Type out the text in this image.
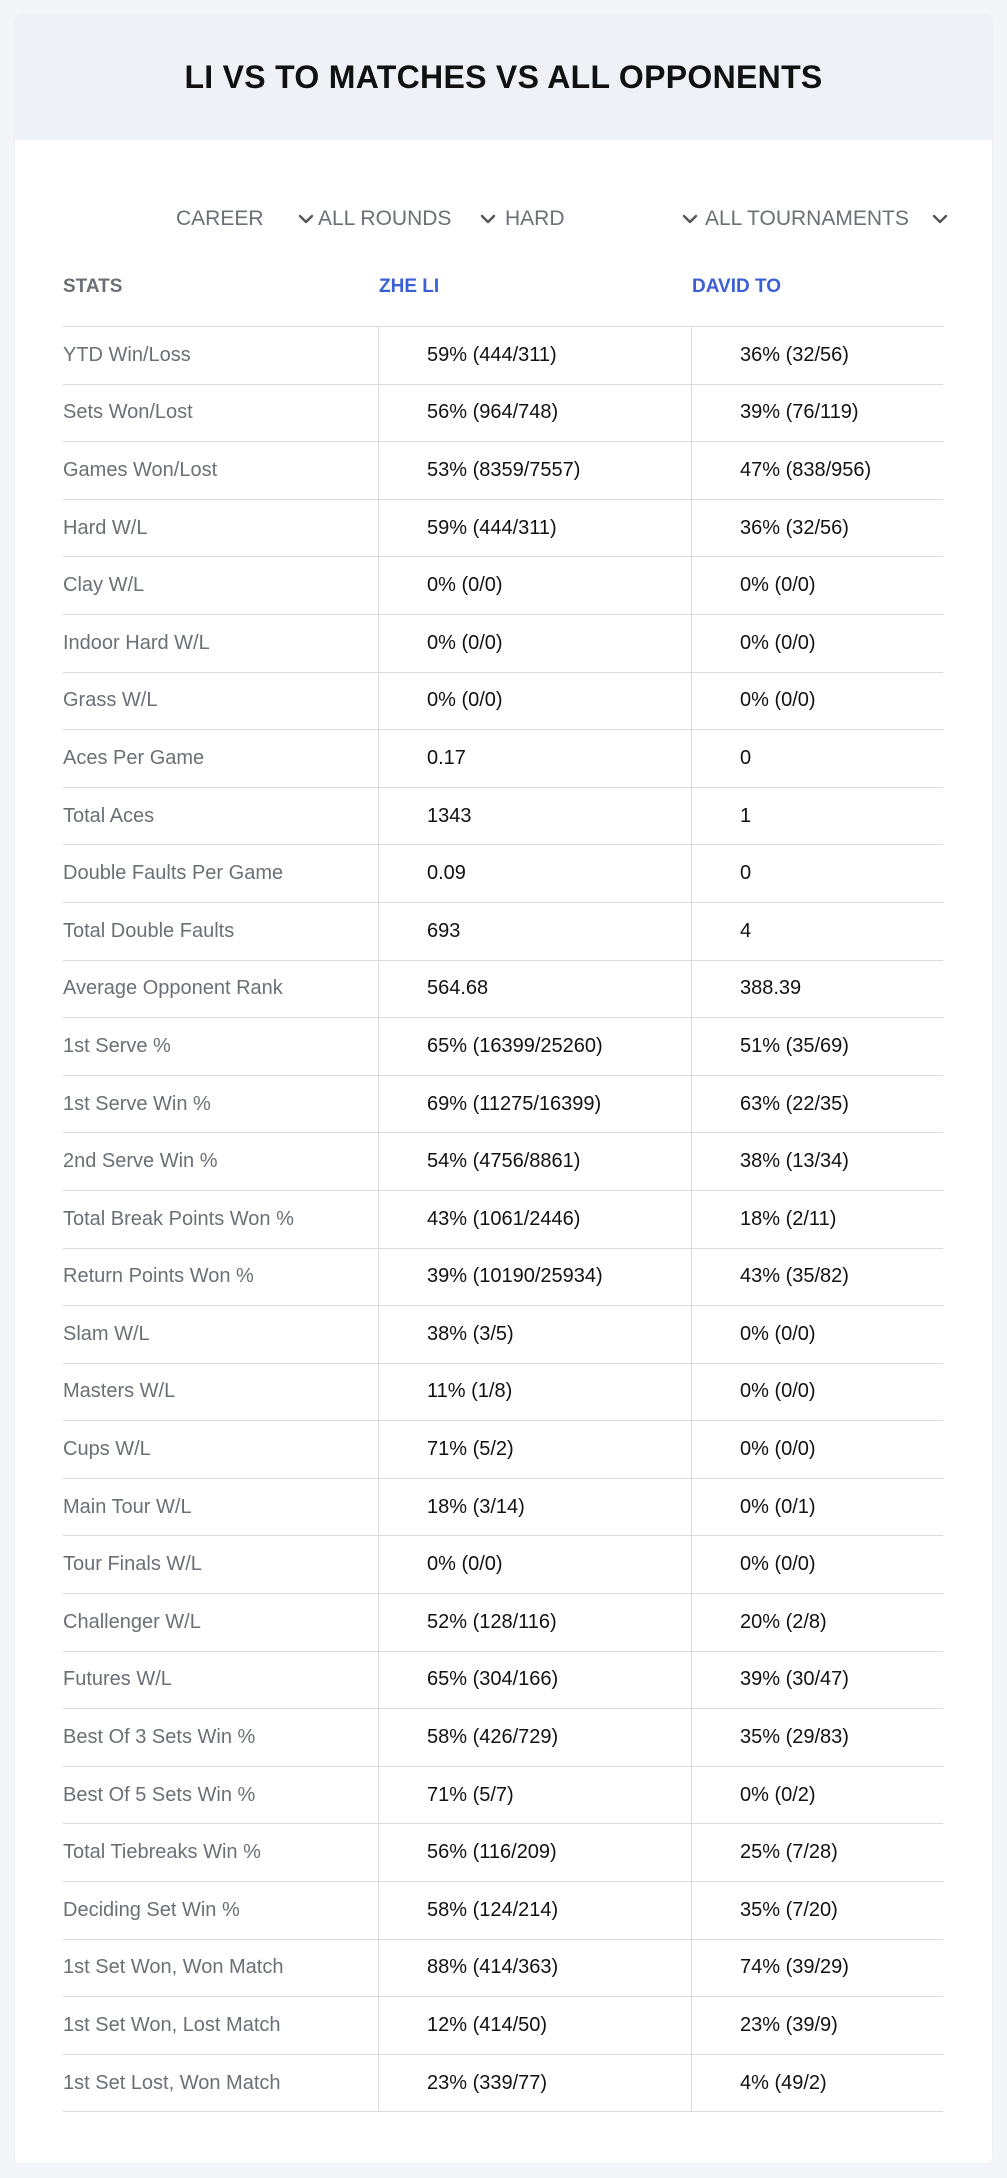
LI VS TO MATCHES VS ALL OPPONENTS
CAREER	ALL ROUNDS	HARD	ALL TOURNAMENTS
STATS	ZHE LI	DAVID TO
YTD Win/Loss	59% (444/311)	36% (32/56)
Sets Won/Lost	56% (964/748)	39% (76/119)
Games Won/Lost	53% (8359/7557)	47% (838/956)
Hard W/L	59% (444/311)	36% (32/56)
Clay W/L	0% (0/0)	0% (0/0)
Indoor Hard W/L	0% (0/0)	0% (0/0)
Grass W/L	0% (0/0)	0% (0/0)
Aces Per Game	0.17	0
Total Aces	1343	1
Double Faults Per Game	0.09	0
Total Double Faults	693	4
Average Opponent Rank	564.68	388.39
1st Serve %	65% (16399/25260)	51% (35/69)
1st Serve Win %	69% (11275/16399)	63% (22/35)
2nd Serve Win %	54% (4756/8861)	38% (13/34)
Total Break Points Won %	43% (1061/2446)	18% (2/11)
Return Points Won %	39% (10190/25934)	43% (35/82)
Slam W/L	38% (3/5)	0% (0/0)
Masters W/L	11% (1/8)	0% (0/0)
Cups W/L	71% (5/2)	0% (0/0)
Main Tour W/L	18% (3/14)	0% (0/1)
Tour Finals W/L	0% (0/0)	0% (0/0)
Challenger W/L	52% (128/116)	20% (2/8)
Futures W/L	65% (304/166)	39% (30/47)
Best Of 3 Sets Win %	58% (426/729)	35% (29/83)
Best Of 5 Sets Win %	71% (5/7)	0% (0/2)
Total Tiebreaks Win %	56% (116/209)	25% (7/28)
Deciding Set Win %	58% (124/214)	35% (7/20)
1st Set Won, Won Match	88% (414/363)	74% (39/29)
1st Set Won, Lost Match	12% (414/50)	23% (39/9)
1st Set Lost, Won Match	23% (339/77)	4% (49/2)
